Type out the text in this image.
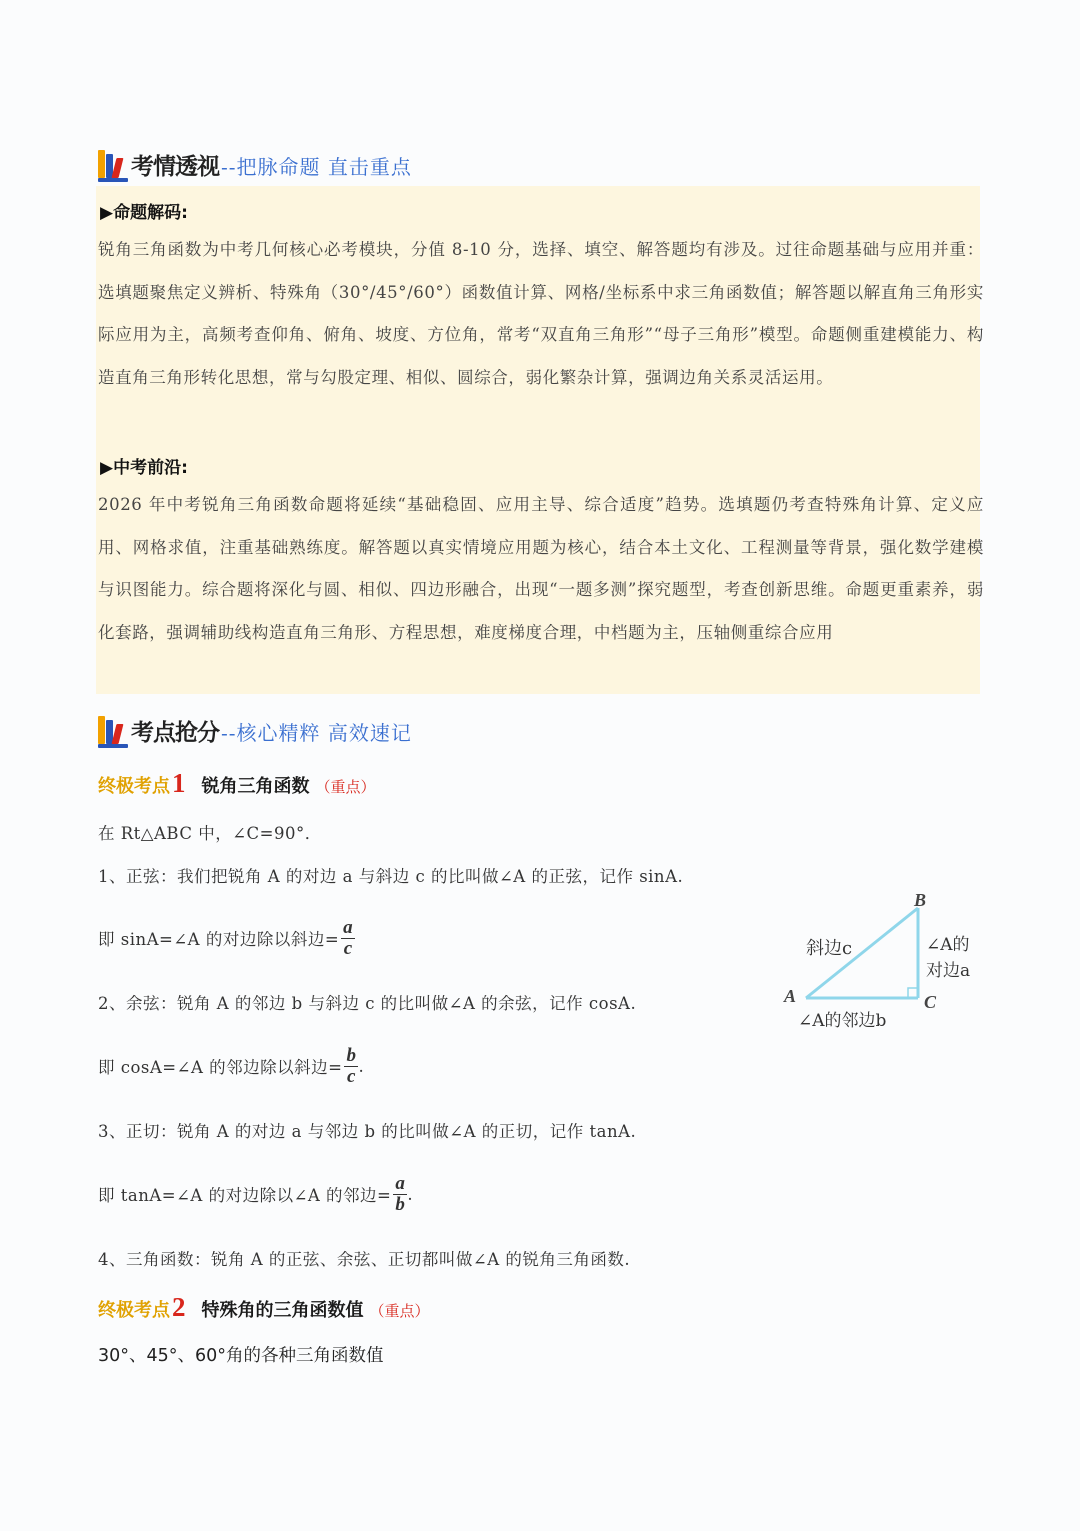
考情透视 --把脉命题 直击重点
▶命题解码:
锐角三角函数为中考几何核心必考模块，分值 8-10 分，选择、填空、解答题均有涉及。过往命题基础与应用并重：选填题聚焦定义辨析、特殊角（30°/45°/60°）函数值计算、网格/坐标系中求三角函数值；解答题以解直角三角形实际应用为主，高频考查仰角、俯角、坡度、方位角，常考“双直角三角形”“母子三角形”模型。命题侧重建模能力、构造直角三角形转化思想，常与勾股定理、相似、圆综合，弱化繁杂计算，强调边角关系灵活运用。
▶中考前沿:
2026 年中考锐角三角函数命题将延续“基础稳固、应用主导、综合适度”趋势。选填题仍考查特殊角计算、定义应用、网格求值，注重基础熟练度。解答题以真实情境应用题为核心，结合本土文化、工程测量等背景，强化数学建模与识图能力。综合题将深化与圆、相似、四边形融合，出现“一题多测”探究题型，考查创新思维。命题更重素养，弱化套路，强调辅助线构造直角三角形、方程思想，难度梯度合理，中档题为主，压轴侧重综合应用
考点抢分 --核心精粹 高效速记
终极考点 1 锐角三角函数 （重点）
在 Rt△ABC 中，∠C=90°．
1、正弦：我们把锐角 A 的对边 a 与斜边 c 的比叫做∠A 的正弦，记作 sinA.
即 sinA=∠A 的对边除以斜边= $\frac{a}{c}$
2、余弦：锐角 A 的邻边 b 与斜边 c 的比叫做∠A 的余弦，记作 cosA.
即 cosA=∠A 的邻边除以斜边= $\frac{b}{c}$ .
3、正切：锐角 A 的对边 a 与邻边 b 的比叫做∠A 的正切，记作 tanA.
即 tanA=∠A 的对边除以∠A 的邻边= $\frac{a}{b}$ .
4、三角函数：锐角 A 的正弦、余弦、正切都叫做∠A 的锐角三角函数.
B
A	C
斜边c	∠A的
对边a
∠A的邻边b
终极考点 2 特殊角的三角函数值 （重点）
30°、45°、60°角的各种三角函数值
